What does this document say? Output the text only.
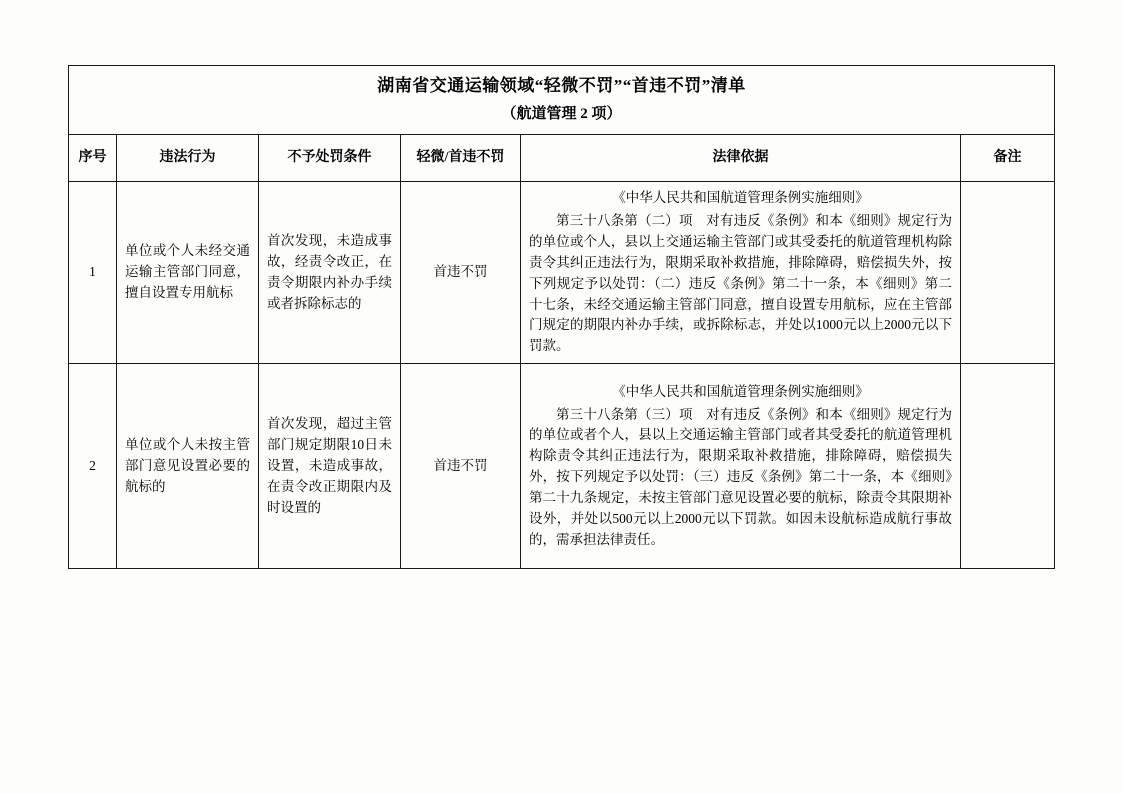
湖南省交通运输领域“轻微不罚”“首违不罚”清单
（航道管理 2 项）					

序号	违法行为	不予处罚条件	轻微/首违不罚	法律依据	备注
1	单位或个人未经交通运输主管部门同意，擅自设置专用航标	首次发现，未造成事故，经责令改正，在责令期限内补办手续或者拆除标志的	首违不罚	《中华人民共和国航道管理条例实施细则》
第三十八条第（二）项　对有违反《条例》和本《细则》规定行为的单位或个人，县以上交通运输主管部门或其受委托的航道管理机构除责令其纠正违法行为，限期采取补救措施，排除障碍，赔偿损失外，按下列规定予以处罚：（二）违反《条例》第二十一条，本《细则》第二十七条，未经交通运输主管部门同意，擅自设置专用航标，应在主管部门规定的期限内补办手续，或拆除标志，并处以1000元以上2000元以下罚款。	

2	单位或个人未按主管部门意见设置必要的航标的	首次发现，超过主管部门规定期限10日未设置，未造成事故，在责令改正期限内及时设置的	首违不罚	《中华人民共和国航道管理条例实施细则》
第三十八条第（三）项　对有违反《条例》和本《细则》规定行为的单位或者个人，县以上交通运输主管部门或者其受委托的航道管理机构除责令其纠正违法行为，限期采取补救措施，排除障碍，赔偿损失外，按下列规定予以处罚：（三）违反《条例》第二十一条，本《细则》第二十九条规定，未按主管部门意见设置必要的航标，除责令其限期补设外，并处以500元以上2000元以下罚款。如因未设航标造成航行事故的，需承担法律责任。	
